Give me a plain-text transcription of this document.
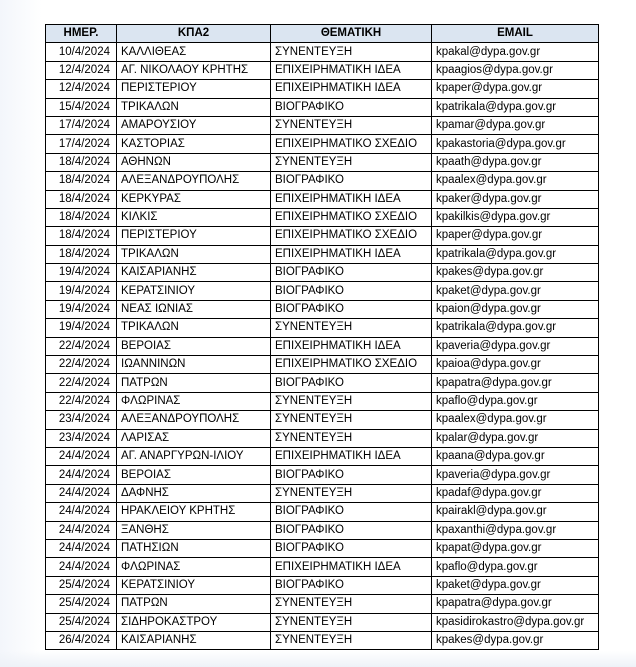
ΗΜΕΡ.	ΚΠΑ2	ΘΕΜΑΤΙΚΗ	EMAIL
10/4/2024	ΚΑΛΛΙΘΕΑΣ	ΣΥΝΕΝΤΕΥΞΗ	kpakal@dypa.gov.gr
12/4/2024	ΑΓ. ΝΙΚΟΛΑΟΥ ΚΡΗΤΗΣ	ΕΠΙΧΕΙΡΗΜΑΤΙΚΗ ΙΔΕΑ	kpaagios@dypa.gov.gr
12/4/2024	ΠΕΡΙΣΤΕΡΙΟΥ	ΕΠΙΧΕΙΡΗΜΑΤΙΚΗ ΙΔΕΑ	kpaper@dypa.gov.gr
15/4/2024	ΤΡΙΚΑΛΩΝ	ΒΙΟΓΡΑΦΙΚΟ	kpatrikala@dypa.gov.gr
17/4/2024	ΑΜΑΡΟΥΣΙΟΥ	ΣΥΝΕΝΤΕΥΞΗ	kpamar@dypa.gov.gr
17/4/2024	ΚΑΣΤΟΡΙΑΣ	ΕΠΙΧΕΙΡΗΜΑΤΙΚΟ ΣΧΕΔΙΟ	kpakastoria@dypa.gov.gr
18/4/2024	ΑΘΗΝΩΝ	ΣΥΝΕΝΤΕΥΞΗ	kpaath@dypa.gov.gr
18/4/2024	ΑΛΕΞΑΝΔΡΟΥΠΟΛΗΣ	ΒΙΟΓΡΑΦΙΚΟ	kpaalex@dypa.gov.gr
18/4/2024	ΚΕΡΚΥΡΑΣ	ΕΠΙΧΕΙΡΗΜΑΤΙΚΗ ΙΔΕΑ	kpaker@dypa.gov.gr
18/4/2024	ΚΙΛΚΙΣ	ΕΠΙΧΕΙΡΗΜΑΤΙΚΟ ΣΧΕΔΙΟ	kpakilkis@dypa.gov.gr
18/4/2024	ΠΕΡΙΣΤΕΡΙΟΥ	ΕΠΙΧΕΙΡΗΜΑΤΙΚΟ ΣΧΕΔΙΟ	kpaper@dypa.gov.gr
18/4/2024	ΤΡΙΚΑΛΩΝ	ΕΠΙΧΕΙΡΗΜΑΤΙΚΗ ΙΔΕΑ	kpatrikala@dypa.gov.gr
19/4/2024	ΚΑΙΣΑΡΙΑΝΗΣ	ΒΙΟΓΡΑΦΙΚΟ	kpakes@dypa.gov.gr
19/4/2024	ΚΕΡΑΤΣΙΝΙΟΥ	ΒΙΟΓΡΑΦΙΚΟ	kpaket@dypa.gov.gr
19/4/2024	ΝΕΑΣ ΙΩΝΙΑΣ	ΒΙΟΓΡΑΦΙΚΟ	kpaion@dypa.gov.gr
19/4/2024	ΤΡΙΚΑΛΩΝ	ΣΥΝΕΝΤΕΥΞΗ	kpatrikala@dypa.gov.gr
22/4/2024	ΒΕΡΟΙΑΣ	ΕΠΙΧΕΙΡΗΜΑΤΙΚΗ ΙΔΕΑ	kpaveria@dypa.gov.gr
22/4/2024	ΙΩΑΝΝΙΝΩΝ	ΕΠΙΧΕΙΡΗΜΑΤΙΚΟ ΣΧΕΔΙΟ	kpaioa@dypa.gov.gr
22/4/2024	ΠΑΤΡΩΝ	ΒΙΟΓΡΑΦΙΚΟ	kpapatra@dypa.gov.gr
22/4/2024	ΦΛΩΡΙΝΑΣ	ΣΥΝΕΝΤΕΥΞΗ	kpaflo@dypa.gov.gr
23/4/2024	ΑΛΕΞΑΝΔΡΟΥΠΟΛΗΣ	ΣΥΝΕΝΤΕΥΞΗ	kpaalex@dypa.gov.gr
23/4/2024	ΛΑΡΙΣΑΣ	ΣΥΝΕΝΤΕΥΞΗ	kpalar@dypa.gov.gr
24/4/2024	ΑΓ. ΑΝΑΡΓΥΡΩΝ-ΙΛΙΟΥ	ΕΠΙΧΕΙΡΗΜΑΤΙΚΗ ΙΔΕΑ	kpaana@dypa.gov.gr
24/4/2024	ΒΕΡΟΙΑΣ	ΒΙΟΓΡΑΦΙΚΟ	kpaveria@dypa.gov.gr
24/4/2024	ΔΑΦΝΗΣ	ΣΥΝΕΝΤΕΥΞΗ	kpadaf@dypa.gov.gr
24/4/2024	ΗΡΑΚΛΕΙΟΥ ΚΡΗΤΗΣ	ΒΙΟΓΡΑΦΙΚΟ	kpairakl@dypa.gov.gr
24/4/2024	ΞΑΝΘΗΣ	ΒΙΟΓΡΑΦΙΚΟ	kpaxanthi@dypa.gov.gr
24/4/2024	ΠΑΤΗΣΙΩΝ	ΒΙΟΓΡΑΦΙΚΟ	kpapat@dypa.gov.gr
24/4/2024	ΦΛΩΡΙΝΑΣ	ΕΠΙΧΕΙΡΗΜΑΤΙΚΗ ΙΔΕΑ	kpaflo@dypa.gov.gr
25/4/2024	ΚΕΡΑΤΣΙΝΙΟΥ	ΒΙΟΓΡΑΦΙΚΟ	kpaket@dypa.gov.gr
25/4/2024	ΠΑΤΡΩΝ	ΣΥΝΕΝΤΕΥΞΗ	kpapatra@dypa.gov.gr
25/4/2024	ΣΙΔΗΡΟΚΑΣΤΡΟΥ	ΣΥΝΕΝΤΕΥΞΗ	kpasidirokastro@dypa.gov.gr
26/4/2024	ΚΑΙΣΑΡΙΑΝΗΣ	ΣΥΝΕΝΤΕΥΞΗ	kpakes@dypa.gov.gr
